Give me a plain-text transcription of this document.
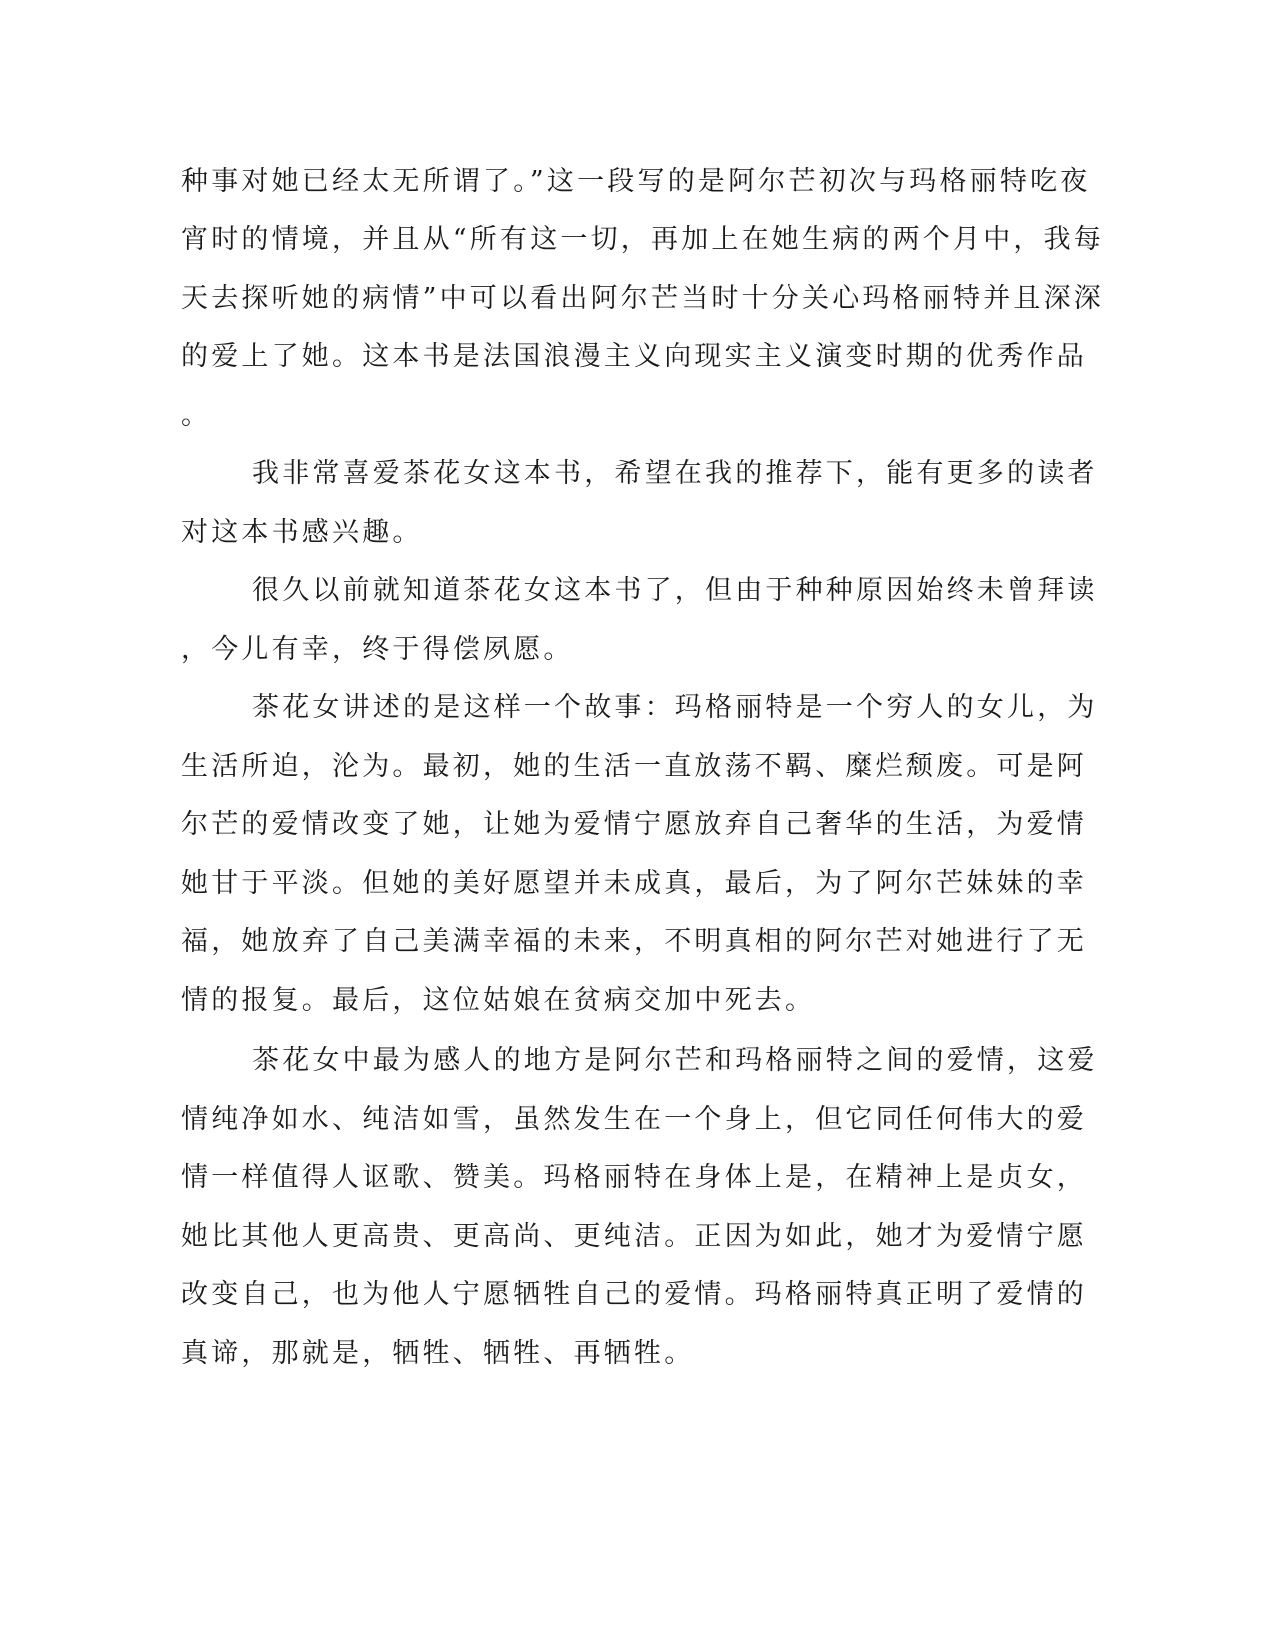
种事对她已经太无所谓了。”这一段写的是阿尔芒初次与玛格丽特吃夜
宵时的情境，并且从“所有这一切，再加上在她生病的两个月中，我每
天去探听她的病情”中可以看出阿尔芒当时十分关心玛格丽特并且深深
的爱上了她。这本书是法国浪漫主义向现实主义演变时期的优秀作品
。
我非常喜爱茶花女这本书，希望在我的推荐下，能有更多的读者
对这本书感兴趣。
很久以前就知道茶花女这本书了，但由于种种原因始终未曾拜读
，今儿有幸，终于得偿夙愿。
茶花女讲述的是这样一个故事：玛格丽特是一个穷人的女儿，为
生活所迫，沦为。最初，她的生活一直放荡不羁、糜烂颓废。可是阿
尔芒的爱情改变了她，让她为爱情宁愿放弃自己奢华的生活，为爱情
她甘于平淡。但她的美好愿望并未成真，最后，为了阿尔芒妹妹的幸
福，她放弃了自己美满幸福的未来，不明真相的阿尔芒对她进行了无
情的报复。最后，这位姑娘在贫病交加中死去。
茶花女中最为感人的地方是阿尔芒和玛格丽特之间的爱情，这爱
情纯净如水、纯洁如雪，虽然发生在一个身上，但它同任何伟大的爱
情一样值得人讴歌、赞美。玛格丽特在身体上是，在精神上是贞女，
她比其他人更高贵、更高尚、更纯洁。正因为如此，她才为爱情宁愿
改变自己，也为他人宁愿牺牲自己的爱情。玛格丽特真正明了爱情的
真谛，那就是，牺牲、牺牲、再牺牲。
